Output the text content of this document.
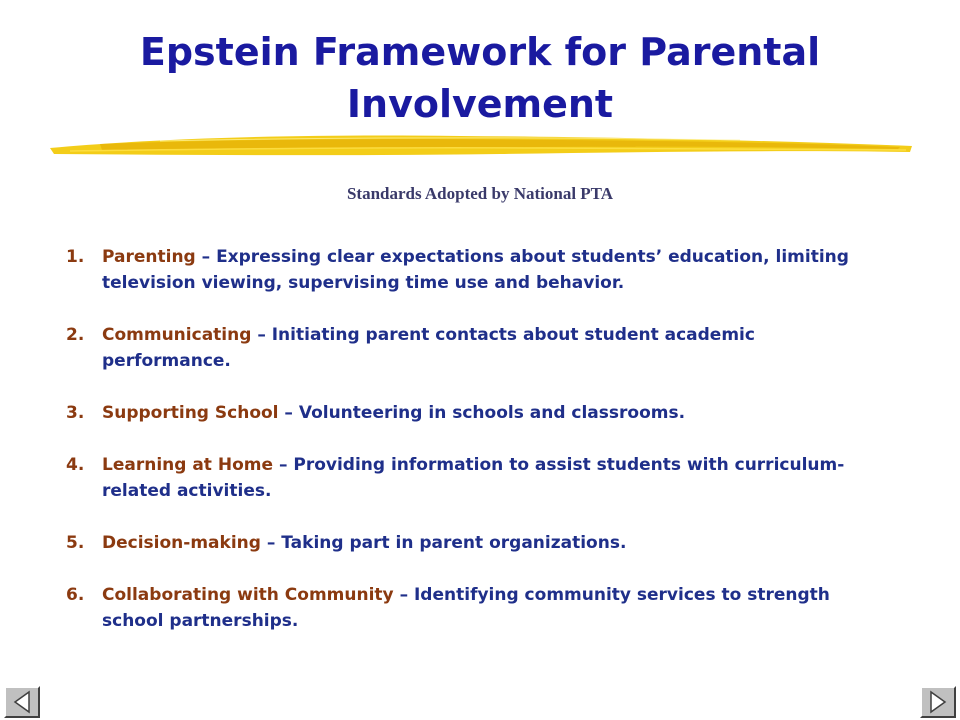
Epstein Framework for Parental Involvement

Standards Adopted by National PTA

1. Parenting – Expressing clear expectations about students’ education, limiting television viewing, supervising time use and behavior.
2. Communicating – Initiating parent contacts about student academic performance.
3. Supporting School – Volunteering in schools and classrooms.
4. Learning at Home – Providing information to assist students with curriculum-related activities.
5. Decision-making – Taking part in parent organizations.
6. Collaborating with Community – Identifying community services to strength school partnerships.
